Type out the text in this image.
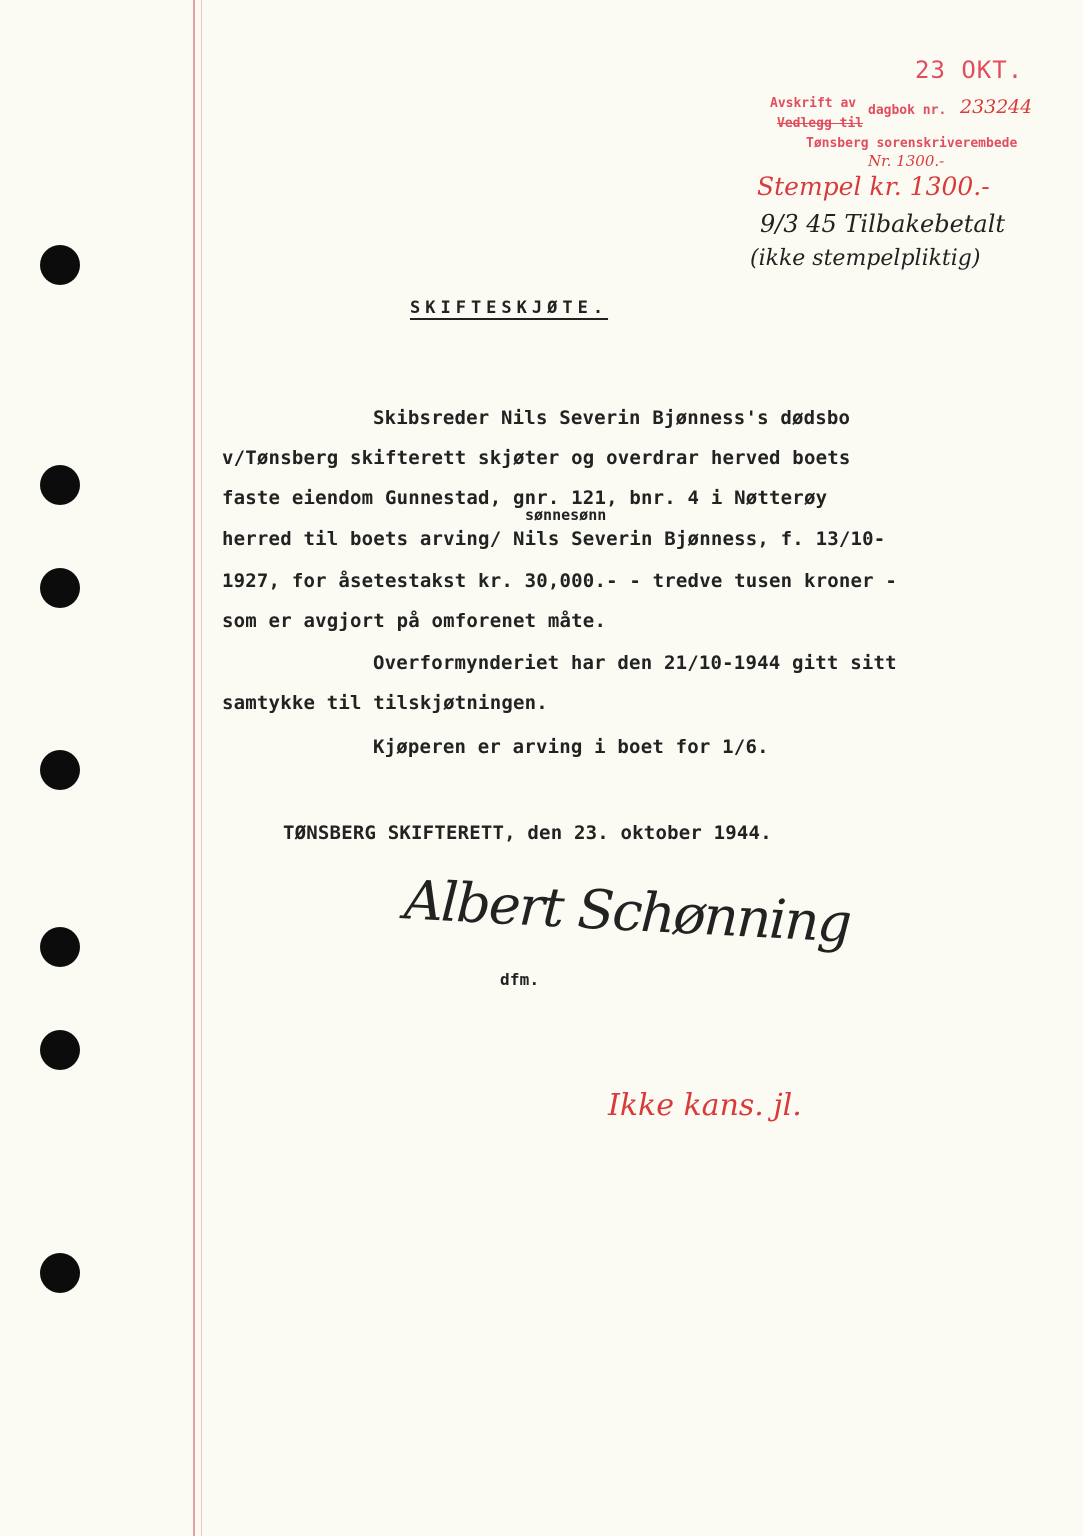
23 OKT.
Avskrift av dagbok nr. 2332 44
Vedlegg til
Tønsberg sorenskriverembede
Nr. 1300.-
Stempel kr. 1300.-
9/3 45 Tilbakebetalt
(ikke stempelpliktig)
SKIFTESKJØTE.
Skibsreder Nils Severin Bjønness's dødsbo
v/Tønsberg skifterett skjøter og overdrar herved boets
faste eiendom Gunnestad, gnr. 121, bnr. 4 i Nøtterøy
sønnesønn
herred til boets arving/ Nils Severin Bjønness, f. 13/10-
1927, for åsetestakst kr. 30,000.- - tredve tusen kroner -
som er avgjort på omforenet måte.
Overformynderiet har den 21/10-1944 gitt sitt
samtykke til tilskjøtningen.
Kjøperen er arving i boet for 1/6.
TØNSBERG SKIFTERETT, den 23. oktober 1944.
Albert Schønning
dfm.
Ikke kans. jl.
